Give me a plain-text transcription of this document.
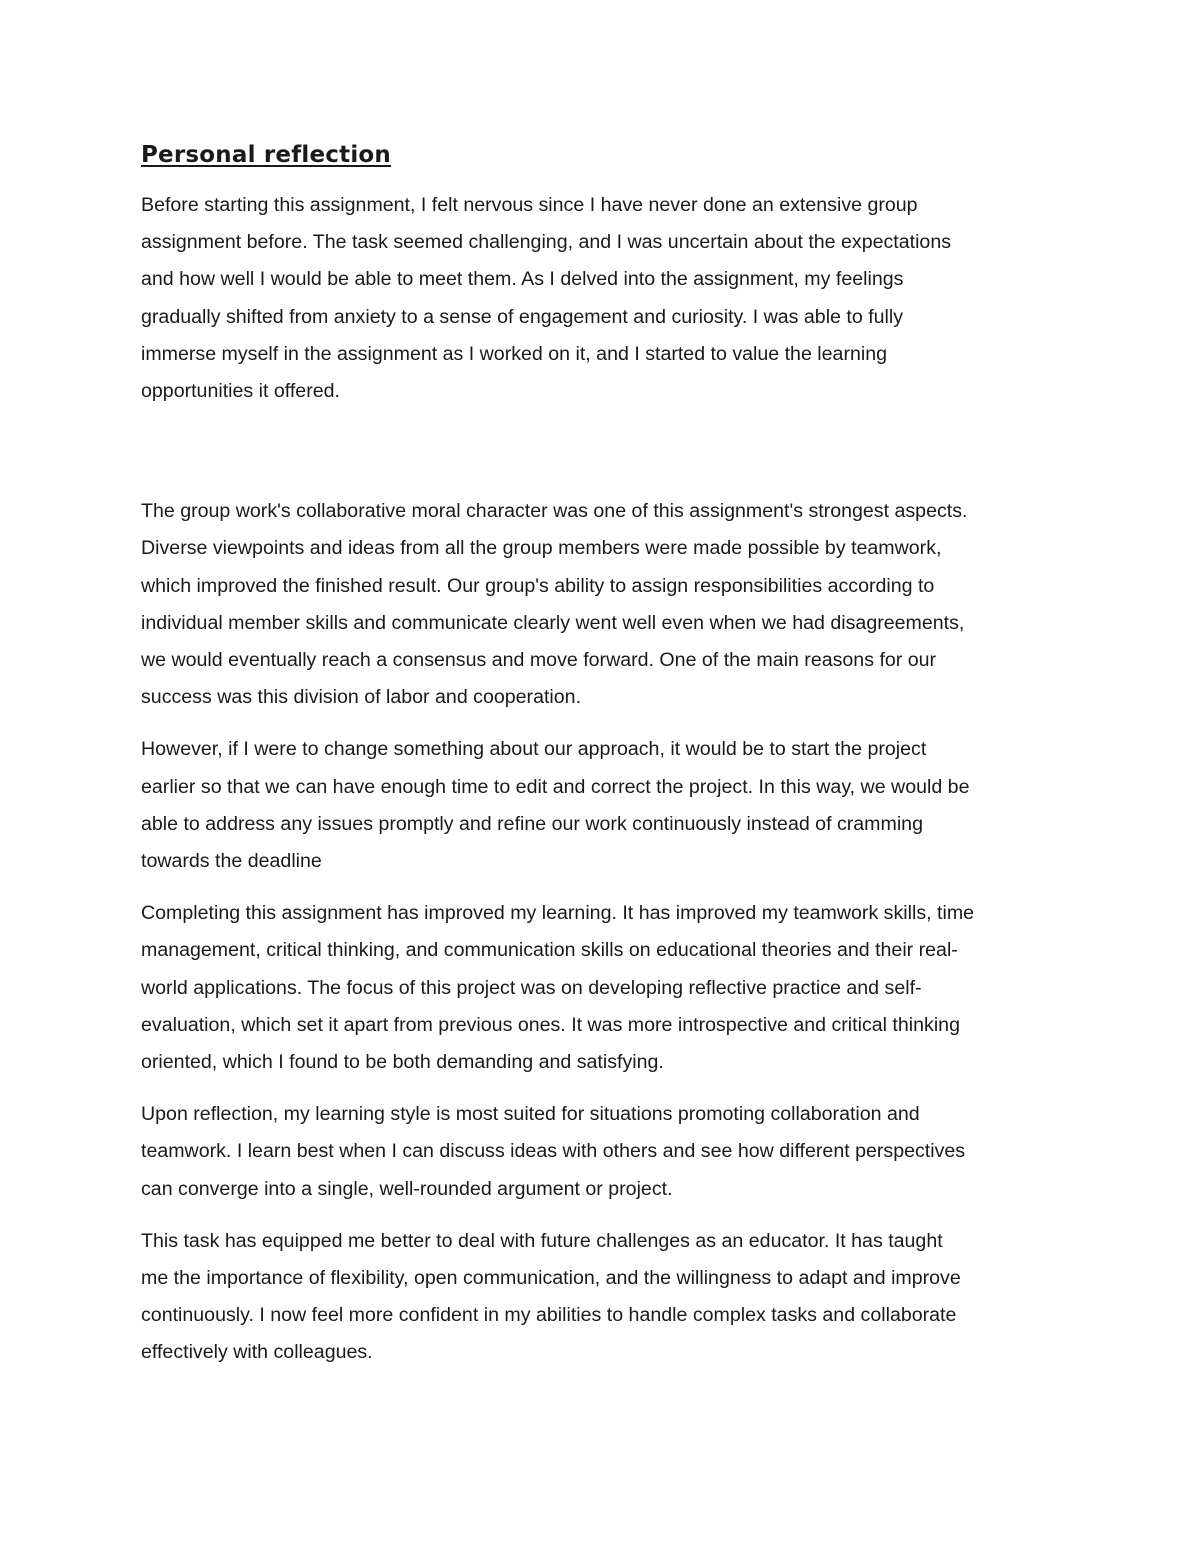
Personal reflection
Before starting this assignment, I felt nervous since I have never done an extensive group
assignment before. The task seemed challenging, and I was uncertain about the expectations
and how well I would be able to meet them. As I delved into the assignment, my feelings
gradually shifted from anxiety to a sense of engagement and curiosity. I was able to fully
immerse myself in the assignment as I worked on it, and I started to value the learning
opportunities it offered.
The group work's collaborative moral character was one of this assignment's strongest aspects.
Diverse viewpoints and ideas from all the group members were made possible by teamwork,
which improved the finished result. Our group's ability to assign responsibilities according to
individual member skills and communicate clearly went well even when we had disagreements,
we would eventually reach a consensus and move forward. One of the main reasons for our
success was this division of labor and cooperation.
However, if I were to change something about our approach, it would be to start the project
earlier so that we can have enough time to edit and correct the project. In this way, we would be
able to address any issues promptly and refine our work continuously instead of cramming
towards the deadline
Completing this assignment has improved my learning. It has improved my teamwork skills, time
management, critical thinking, and communication skills on educational theories and their real-
world applications. The focus of this project was on developing reflective practice and self-
evaluation, which set it apart from previous ones. It was more introspective and critical thinking
oriented, which I found to be both demanding and satisfying.
Upon reflection, my learning style is most suited for situations promoting collaboration and
teamwork. I learn best when I can discuss ideas with others and see how different perspectives
can converge into a single, well-rounded argument or project.
This task has equipped me better to deal with future challenges as an educator. It has taught
me the importance of flexibility, open communication, and the willingness to adapt and improve
continuously. I now feel more confident in my abilities to handle complex tasks and collaborate
effectively with colleagues.
